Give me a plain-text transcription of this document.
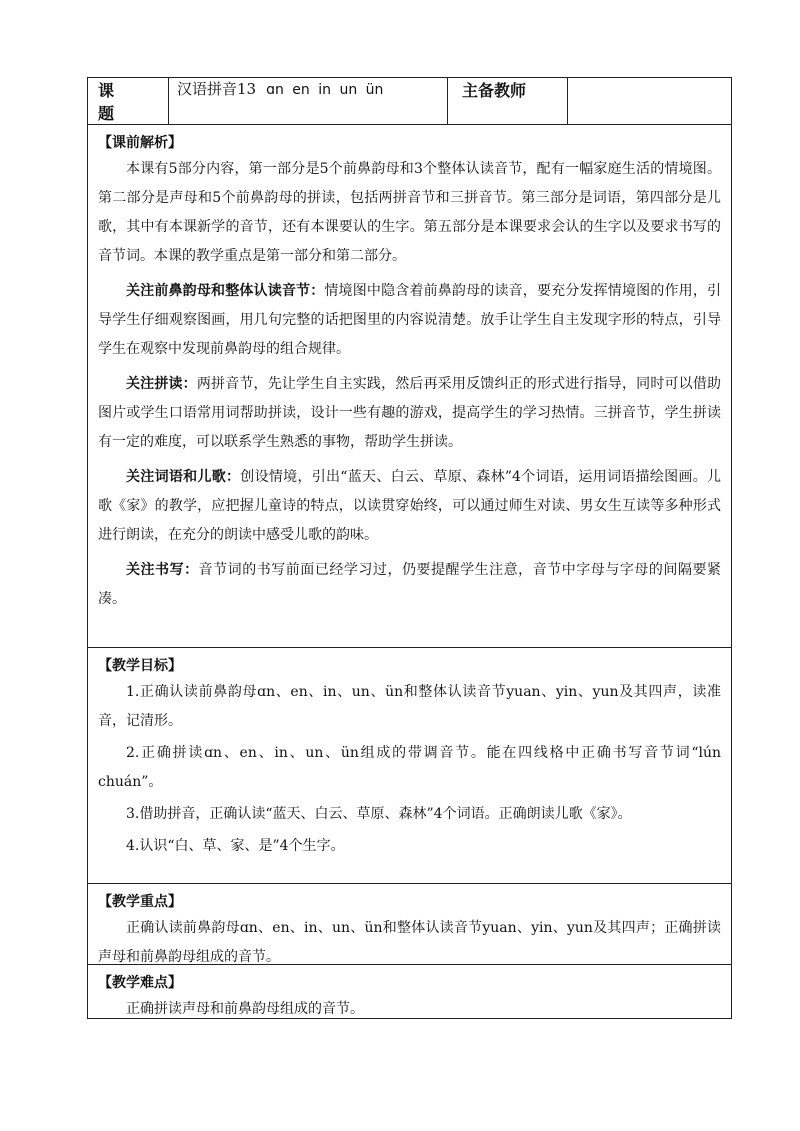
课题	汉语拼音13 ɑn en in un ün	主备教师	

【课前解析】

本课有5部分内容，第一部分是5个前鼻韵母和3个整体认读音节，配有一幅家庭生活的情境图。第二部分是声母和5个前鼻韵母的拼读，包括两拼音节和三拼音节。第三部分是词语，第四部分是儿歌，其中有本课新学的音节，还有本课要认的生字。第五部分是本课要求会认的生字以及要求书写的音节词。本课的教学重点是第一部分和第二部分。

关注前鼻韵母和整体认读音节：情境图中隐含着前鼻韵母的读音，要充分发挥情境图的作用，引导学生仔细观察图画，用几句完整的话把图里的内容说清楚。放手让学生自主发现字形的特点，引导学生在观察中发现前鼻韵母的组合规律。

关注拼读：两拼音节，先让学生自主实践，然后再采用反馈纠正的形式进行指导，同时可以借助图片或学生口语常用词帮助拼读，设计一些有趣的游戏，提高学生的学习热情。三拼音节，学生拼读有一定的难度，可以联系学生熟悉的事物，帮助学生拼读。

关注词语和儿歌：创设情境，引出“蓝天、白云、草原、森林”4个词语，运用词语描绘图画。儿歌《家》的教学，应把握儿童诗的特点，以读贯穿始终，可以通过师生对读、男女生互读等多种形式进行朗读，在充分的朗读中感受儿歌的韵味。

关注书写：音节词的书写前面已经学习过，仍要提醒学生注意，音节中字母与字母的间隔要紧凑。

【教学目标】

1.正确认读前鼻韵母ɑn、en、in、un、ün和整体认读音节yuan、yin、yun及其四声，读准音，记清形。

2.正确拼读ɑn、en、in、un、ün组成的带调音节。能在四线格中正确书写音节词“lún chuán”。

3.借助拼音，正确认读“蓝天、白云、草原、森林”4个词语。正确朗读儿歌《家》。

4.认识“白、草、家、是”4个生字。

【教学重点】

正确认读前鼻韵母ɑn、en、in、un、ün和整体认读音节yuan、yin、yun及其四声；正确拼读声母和前鼻韵母组成的音节。

【教学难点】

正确拼读声母和前鼻韵母组成的音节。
